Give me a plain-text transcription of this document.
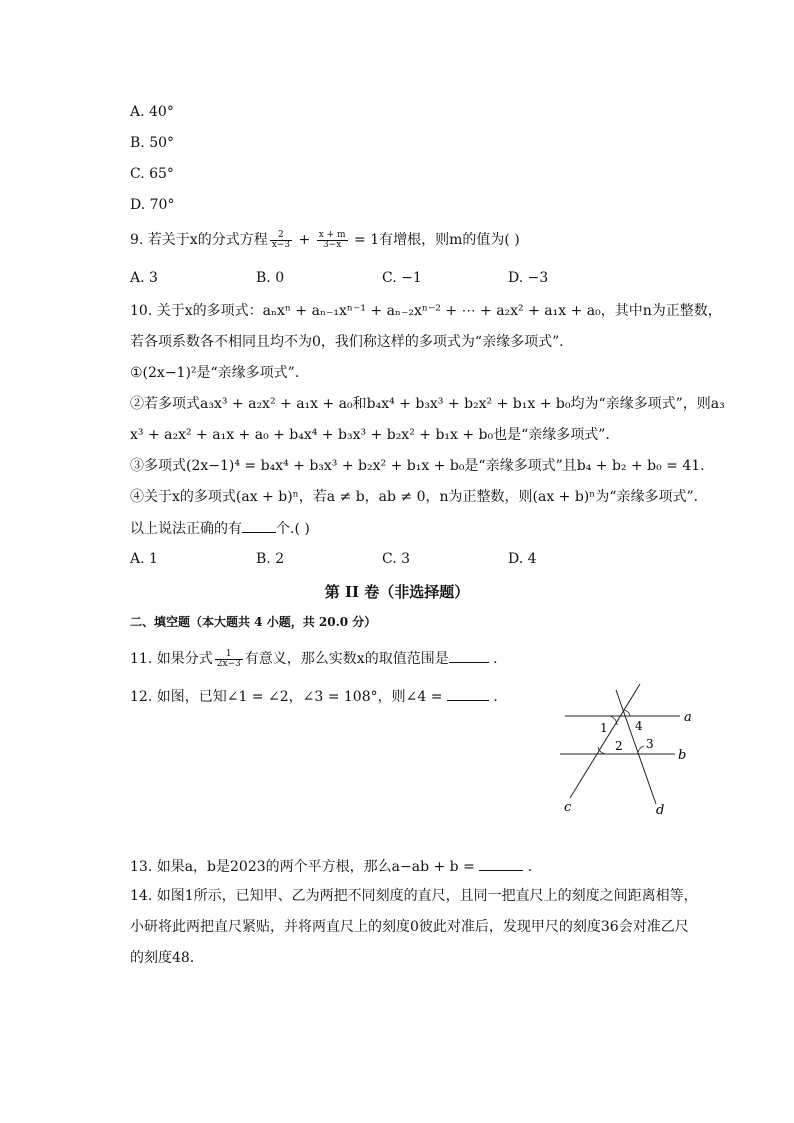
A. 40°
B. 50°
C. 65°
D. 70°
9. 若关于x的分式方程 $\frac{2}{x-3} + \frac{x + m}{3-x} = 1$有增根，则m的值为( )
A. 3	B. 0	C. −1	D. −3
10. 关于x的多项式：aₙxⁿ + aₙ₋₁xⁿ⁻¹ + aₙ₋₂xⁿ⁻² + ⋯ + a₂x² + a₁x + a₀，其中n为正整数，
若各项系数各不相同且均不为0，我们称这样的多项式为“亲缘多项式”．
①(2x−1)²是“亲缘多项式”．
②若多项式a₃x³ + a₂x² + a₁x + a₀和b₄x⁴ + b₃x³ + b₂x² + b₁x + b₀均为“亲缘多项式”，则a₃
x³ + a₂x² + a₁x + a₀ + b₄x⁴ + b₃x³ + b₂x² + b₁x + b₀也是“亲缘多项式”．
③多项式(2x−1)⁴ = b₄x⁴ + b₃x³ + b₂x² + b₁x + b₀是“亲缘多项式”且b₄ + b₂ + b₀ = 41.
④关于x的多项式(ax + b)ⁿ，若a ≠ b，ab ≠ 0，n为正整数，则(ax + b)ⁿ为“亲缘多项式”．
以上说法正确的有 个.( )
A. 1	B. 2	C. 3	D. 4
第 II 卷（非选择题）
二、填空题（本大题共 4 小题，共 20.0 分）
11. 如果分式 $\frac{1}{2x-3}$ 有意义，那么实数x的取值范围是	．
12. 如图，已知∠1 = ∠2，∠3 = 108°，则∠4 =	．
1 4
2 3
a
b
c	d
13. 如果a，b是2023的两个平方根，那么a−ab + b =	．
14. 如图1所示，已知甲、乙为两把不同刻度的直尺，且同一把直尺上的刻度之间距离相等，
小研将此两把直尺紧贴，并将两直尺上的刻度0彼此对准后，发现甲尺的刻度36会对准乙尺
的刻度48．
